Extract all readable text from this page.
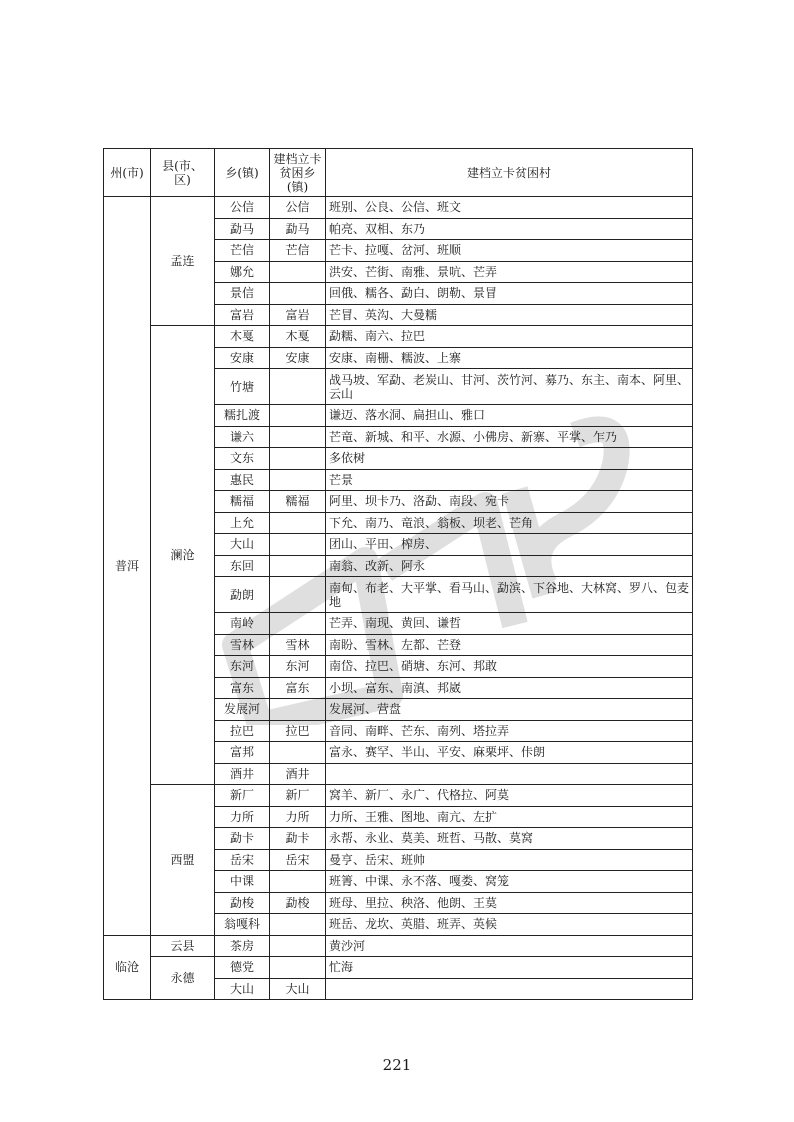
州(市)	县(市、区)	乡(镇)	建档立卡贫困乡(镇)	建档立卡贫困村
普洱	孟连	公信	公信	班别、公良、公信、班文
		勐马	勐马	帕亮、双相、东乃
		芒信	芒信	芒卡、拉嘎、岔河、班顺
		娜允		洪安、芒街、南雅、景吭、芒弄
		景信		回俄、糯各、勐白、朗勒、景冒
		富岩	富岩	芒冒、英沟、大曼糯
	澜沧	木戛	木戛	勐糯、南六、拉巴
		安康	安康	安康、南栅、糯波、上寨
		竹塘		战马坡、军勐、老炭山、甘河、茨竹河、募乃、东主、南本、阿里、云山
		糯扎渡		谦迈、落水洞、扁担山、雅口
		谦六		芒竜、新城、和平、水源、小佛房、新寨、平掌、乍乃
		文东		多依树
		惠民		芒景
		糯福	糯福	阿里、坝卡乃、洛勐、南段、宛卡
		上允		下允、南乃、竜浪、翁板、坝老、芒角
		大山		团山、平田、榨房、
		东回		南翁、改新、阿永
		勐朗		南甸、布老、大平掌、看马山、勐滨、下谷地、大林窝、罗八、包麦地
		南岭		芒弄、南现、黄回、谦哲
		雪林	雪林	南盼、雪林、左都、芒登
		东河	东河	南岱、拉巴、硝塘、东河、邦敢
		富东	富东	小坝、富东、南滇、邦崴
		发展河		发展河、营盘
		拉巴	拉巴	音同、南畔、芒东、南列、塔拉弄
		富邦		富永、赛罕、半山、平安、麻栗坪、佧朗
		酒井	酒井	
	西盟	新厂	新厂	窝羊、新厂、永广、代格拉、阿莫
		力所	力所	力所、王雅、图地、南亢、左扩
		勐卡	勐卡	永帮、永业、莫美、班哲、马散、莫窝
		岳宋	岳宋	曼亨、岳宋、班帅
		中课		班箐、中课、永不落、嘎娄、窝笼
		勐梭	勐梭	班母、里拉、秧洛、他朗、王莫
		翁嘎科		班岳、龙坎、英腊、班弄、英候
临沧	云县	茶房		黄沙河
	永德	德党		忙海
		大山	大山	
221
